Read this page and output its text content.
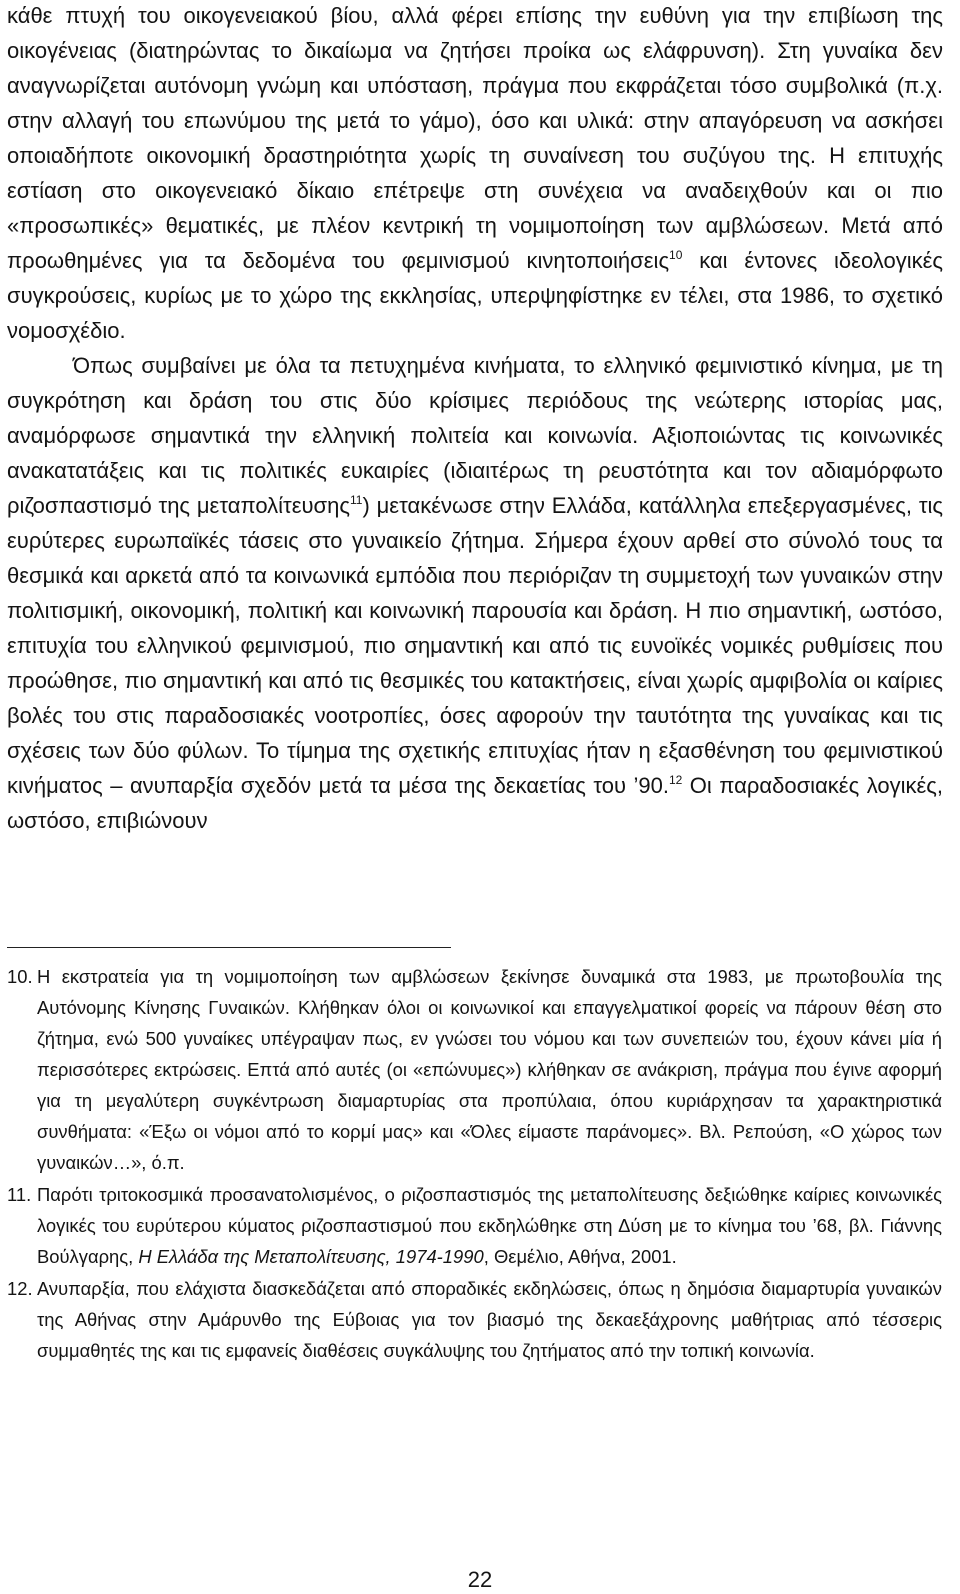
κάθε πτυχή του οικογενειακού βίου, αλλά φέρει επίσης την ευθύνη για την επιβίωση της οικογένειας (διατηρώντας το δικαίωμα να ζητήσει προίκα ως ελάφρυνση). Στη γυναίκα δεν αναγνωρίζεται αυτόνομη γνώμη και υπόσταση, πράγμα που εκφράζεται τόσο συμβολικά (π.χ. στην αλλαγή του επωνύμου της μετά το γάμο), όσο και υλικά: στην απαγόρευση να ασκήσει οποιαδήποτε οικονομική δραστηριότητα χωρίς τη συναίνεση του συζύγου της. Η επιτυχής εστίαση στο οικογενειακό δίκαιο επέτρεψε στη συνέχεια να αναδειχθούν και οι πιο «προσωπικές» θεματικές, με πλέον κεντρική τη νομιμοποίηση των αμβλώσεων. Μετά από προωθημένες για τα δεδομένα του φεμινισμού κινητοποιήσεις$^{10}$ και έντονες ιδεολογικές συγκρούσεις, κυρίως με το χώρο της εκκλησίας, υπερψηφίστηκε εν τέλει, στα 1986, το σχετικό νομοσχέδιο.

Όπως συμβαίνει με όλα τα πετυχημένα κινήματα, το ελληνικό φεμινιστικό κίνημα, με τη συγκρότηση και δράση του στις δύο κρίσιμες περιόδους της νεώτερης ιστορίας μας, αναμόρφωσε σημαντικά την ελληνική πολιτεία και κοινωνία. Αξιοποιώντας τις κοινωνικές ανακατατάξεις και τις πολιτικές ευκαιρίες (ιδιαιτέρως τη ρευστότητα και τον αδιαμόρφωτο ριζοσπαστισμό της μεταπολίτευσης$^{11}$) μετακένωσε στην Ελλάδα, κατάλληλα επεξεργασμένες, τις ευρύτερες ευρωπαϊκές τάσεις στο γυναικείο ζήτημα. Σήμερα έχουν αρθεί στο σύνολό τους τα θεσμικά και αρκετά από τα κοινωνικά εμπόδια που περιόριζαν τη συμμετοχή των γυναικών στην πολιτισμική, οικονομική, πολιτική και κοινωνική παρουσία και δράση. Η πιο σημαντική, ωστόσο, επιτυχία του ελληνικού φεμινισμού, πιο σημαντική και από τις ευνοϊκές νομικές ρυθμίσεις που προώθησε, πιο σημαντική και από τις θεσμικές του κατακτήσεις, είναι χωρίς αμφιβολία οι καίριες βολές του στις παραδοσιακές νοοτροπίες, όσες αφορούν την ταυτότητα της γυναίκας και τις σχέσεις των δύο φύλων. Το τίμημα της σχετικής επιτυχίας ήταν η εξασθένηση του φεμινιστικού κινήματος – ανυπαρξία σχεδόν μετά τα μέσα της δεκαετίας του ’90.12 Οι παραδοσιακές λογικές, ωστόσο, επιβιώνουν

10. Η εκστρατεία για τη νομιμοποίηση των αμβλώσεων ξεκίνησε δυναμικά στα 1983, με πρωτοβουλία της Αυτόνομης Κίνησης Γυναικών. Κλήθηκαν όλοι οι κοινωνικοί και επαγγελματικοί φορείς να πάρουν θέση στο ζήτημα, ενώ 500 γυναίκες υπέγραψαν πως, εν γνώσει του νόμου και των συνεπειών του, έχουν κάνει μία ή περισσότερες εκτρώσεις. Επτά από αυτές (οι «επώνυμες») κλήθηκαν σε ανάκριση, πράγμα που έγινε αφορμή για τη μεγαλύτερη συγκέντρωση διαμαρτυρίας στα προπύλαια, όπου κυριάρχησαν τα χαρακτηριστικά συνθήματα: «Έξω οι νόμοι από το κορμί μας» και «Όλες είμαστε παράνομες». Βλ. Ρεπούση, «Ο χώρος των γυναικών…», ό.π.
11. Παρότι τριτοκοσμικά προσανατολισμένος, ο ριζοσπαστισμός της μεταπολίτευσης δεξιώθηκε καίριες κοινωνικές λογικές του ευρύτερου κύματος ριζοσπαστισμού που εκδηλώθηκε στη Δύση με το κίνημα του ’68, βλ. Γιάννης Βούλγαρης, Η Ελλάδα της Μεταπολίτευσης, 1974-1990, Θεμέλιο, Αθήνα, 2001.
12. Ανυπαρξία, που ελάχιστα διασκεδάζεται από σποραδικές εκδηλώσεις, όπως η δημόσια διαμαρτυρία γυναικών της Αθήνας στην Αμάρυνθο της Εύβοιας για τον βιασμό της δεκαεξάχρονης μαθήτριας από τέσσερις συμμαθητές της και τις εμφανείς διαθέσεις συγκάλυψης του ζητήματος από την τοπική κοινωνία.
22
